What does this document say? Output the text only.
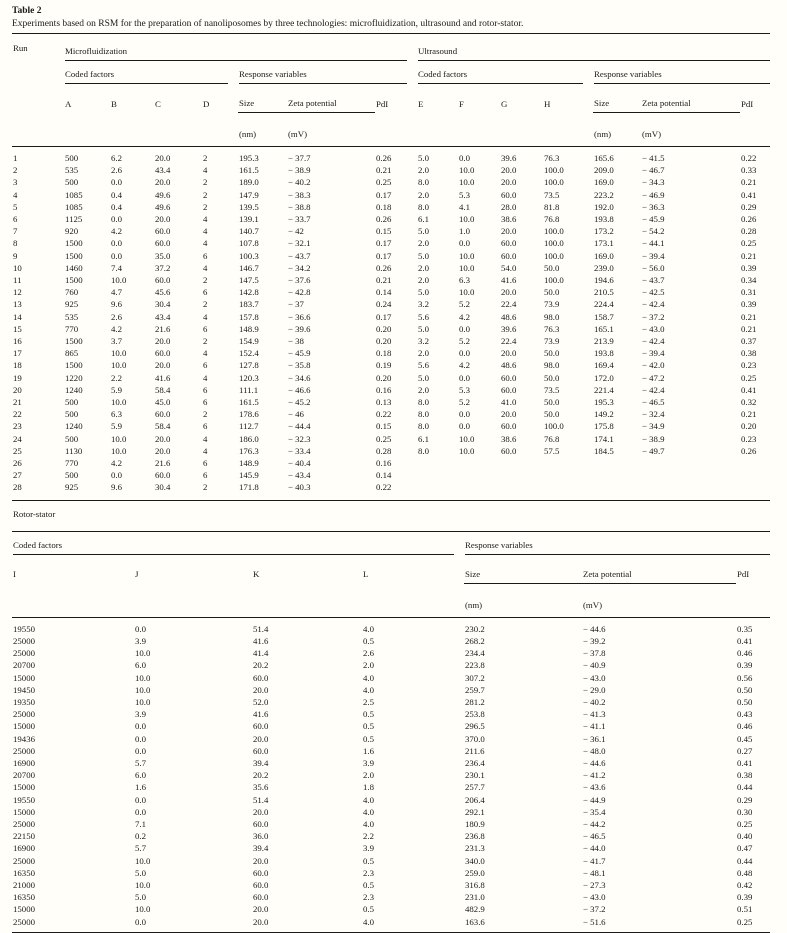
Table 2
Experiments based on RSM for the preparation of nanoliposomes by three technologies: microfluidization, ultrasound and rotor-stator.
Run	Microfluidization							Ultrasound						

	Coded factors				Response variables			Coded factors				Response variables		

	A	B	C	D	Size	Zeta potential	PdI	E	F	G	H	Size	Zeta potential	PdI
					(nm)	(mV)						(nm)	(mV)	
1	500	6.2	20.0	2	195.3	− 37.7	0.26	5.0	0.0	39.6	76.3	165.6	− 41.5	0.22
2	535	2.6	43.4	4	161.5	− 38.9	0.21	2.0	10.0	20.0	100.0	209.0	− 46.7	0.33
3	500	0.0	20.0	2	189.0	− 40.2	0.25	8.0	10.0	20.0	100.0	169.0	− 34.3	0.21
4	1085	0.4	49.6	2	147.9	− 38.3	0.17	2.0	5.3	60.0	73.5	223.2	− 46.9	0.41
5	1085	0.4	49.6	2	139.5	− 38.8	0.18	8.0	4.1	28.0	81.8	192.0	− 36.3	0.29
6	1125	0.0	20.0	4	139.1	− 33.7	0.26	6.1	10.0	38.6	76.8	193.8	− 45.9	0.26
7	920	4.2	60.0	4	140.7	− 42	0.15	5.0	1.0	20.0	100.0	173.2	− 54.2	0.28
8	1500	0.0	60.0	4	107.8	− 32.1	0.17	2.0	0.0	60.0	100.0	173.1	− 44.1	0.25
9	1500	0.0	35.0	6	100.3	− 43.7	0.17	5.0	10.0	60.0	100.0	169.0	− 39.4	0.21
10	1460	7.4	37.2	4	146.7	− 34.2	0.26	2.0	10.0	54.0	50.0	239.0	− 56.0	0.39
11	1500	10.0	60.0	2	147.5	− 37.6	0.21	2.0	6.3	41.6	100.0	194.6	− 43.7	0.34
12	760	4.7	45.6	6	142.8	− 42.8	0.14	5.0	10.0	20.0	50.0	210.5	− 42.5	0.31
13	925	9.6	30.4	2	183.7	− 37	0.24	3.2	5.2	22.4	73.9	224.4	− 42.4	0.39
14	535	2.6	43.4	4	157.8	− 36.6	0.17	5.6	4.2	48.6	98.0	158.7	− 37.2	0.21
15	770	4.2	21.6	6	148.9	− 39.6	0.20	5.0	0.0	39.6	76.3	165.1	− 43.0	0.21
16	1500	3.7	20.0	2	154.9	− 38	0.20	3.2	5.2	22.4	73.9	213.9	− 42.4	0.37
17	865	10.0	60.0	4	152.4	− 45.9	0.18	2.0	0.0	20.0	50.0	193.8	− 39.4	0.38
18	1500	10.0	20.0	6	127.8	− 35.8	0.19	5.6	4.2	48.6	98.0	169.4	− 42.0	0.23
19	1220	2.2	41.6	4	120.3	− 34.6	0.20	5.0	0.0	60.0	50.0	172.0	− 47.2	0.25
20	1240	5.9	58.4	6	111.1	− 46.6	0.16	2.0	5.3	60.0	73.5	221.4	− 42.4	0.41
21	500	10.0	45.0	6	161.5	− 45.2	0.13	8.0	5.2	41.0	50.0	195.3	− 46.5	0.32
22	500	6.3	60.0	2	178.6	− 46	0.22	8.0	0.0	20.0	50.0	149.2	− 32.4	0.21
23	1240	5.9	58.4	6	112.7	− 44.4	0.15	8.0	0.0	60.0	100.0	175.8	− 34.9	0.20
24	500	10.0	20.0	4	186.0	− 32.3	0.25	6.1	10.0	38.6	76.8	174.1	− 38.9	0.23
25	1130	10.0	20.0	4	176.3	− 33.4	0.28	8.0	10.0	60.0	57.5	184.5	− 49.7	0.26
26	770	4.2	21.6	6	148.9	− 40.4	0.16							
27	500	0.0	60.0	6	145.9	− 43.4	0.14							
28	925	9.6	30.4	2	171.8	− 40.3	0.22							
Rotor-stator						

Coded factors				Response variables		

I	J	K	L	Size	Zeta potential	PdI
				(nm)	(mV)	
19550	0.0	51.4	4.0	230.2	− 44.6	0.35
25000	3.9	41.6	0.5	268.2	− 39.2	0.41
25000	10.0	41.4	2.6	234.4	− 37.8	0.46
20700	6.0	20.2	2.0	223.8	− 40.9	0.39
15000	10.0	60.0	4.0	307.2	− 43.0	0.56
19450	10.0	20.0	4.0	259.7	− 29.0	0.50
19350	10.0	52.0	2.5	281.2	− 40.2	0.50
25000	3.9	41.6	0.5	253.8	− 41.3	0.43
15000	0.0	60.0	0.5	296.5	− 41.1	0.46
19436	0.0	20.0	0.5	370.0	− 36.1	0.45
25000	0.0	60.0	1.6	211.6	− 48.0	0.27
16900	5.7	39.4	3.9	236.4	− 44.6	0.41
20700	6.0	20.2	2.0	230.1	− 41.2	0.38
15000	1.6	35.6	1.8	257.7	− 43.6	0.44
19550	0.0	51.4	4.0	206.4	− 44.9	0.29
15000	0.0	20.0	4.0	292.1	− 35.4	0.30
25000	7.1	60.0	4.0	180.9	− 44.2	0.25
22150	0.2	36.0	2.2	236.8	− 46.5	0.40
16900	5.7	39.4	3.9	231.3	− 44.0	0.47
25000	10.0	20.0	0.5	340.0	− 41.7	0.44
16350	5.0	60.0	2.3	259.0	− 48.1	0.48
21000	10.0	60.0	0.5	316.8	− 27.3	0.42
16350	5.0	60.0	2.3	231.0	− 43.0	0.39
15000	10.0	20.0	0.5	482.9	− 37.2	0.51
25000	0.0	20.0	4.0	163.6	− 51.6	0.25
